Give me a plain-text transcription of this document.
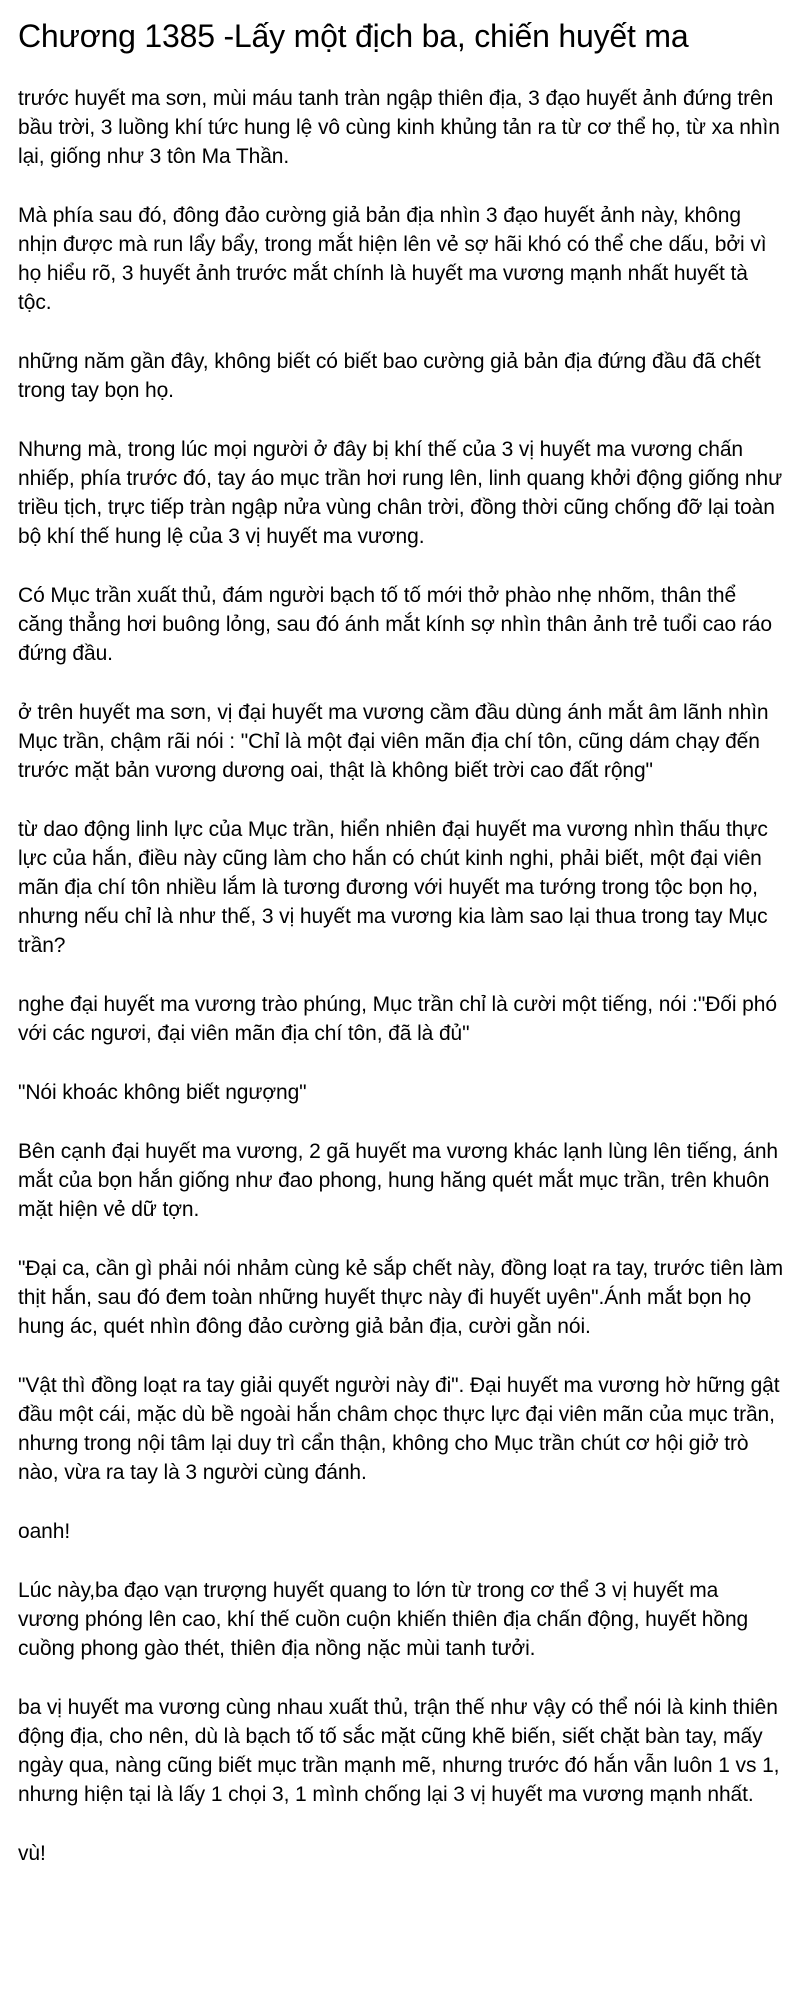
Chương 1385 -Lấy một địch ba, chiến huyết ma

trước huyết ma sơn, mùi máu tanh tràn ngập thiên địa, 3 đạo huyết ảnh đứng trên bầu trời, 3 luồng khí tức hung lệ vô cùng kinh khủng tản ra từ cơ thể họ, từ xa nhìn lại, giống như 3 tôn Ma Thần.

Mà phía sau đó, đông đảo cường giả bản địa nhìn 3 đạo huyết ảnh này, không nhịn được mà run lẩy bẩy, trong mắt hiện lên vẻ sợ hãi khó có thể che dấu, bởi vì họ hiểu rõ, 3 huyết ảnh trước mắt chính là huyết ma vương mạnh nhất huyết tà tộc.

những năm gần đây, không biết có biết bao cường giả bản địa đứng đầu đã chết trong tay bọn họ.

Nhưng mà, trong lúc mọi người ở đây bị khí thế của 3 vị huyết ma vương chấn nhiếp, phía trước đó, tay áo mục trần hơi rung lên, linh quang khởi động giống như triều tịch, trực tiếp tràn ngập nửa vùng chân trời, đồng thời cũng chống đỡ lại toàn bộ khí thế hung lệ của 3 vị huyết ma vương.

Có Mục trần xuất thủ, đám người bạch tố tố mới thở phào nhẹ nhõm, thân thể căng thẳng hơi buông lỏng, sau đó ánh mắt kính sợ nhìn thân ảnh trẻ tuổi cao ráo đứng đầu.

ở trên huyết ma sơn, vị đại huyết ma vương cầm đầu dùng ánh mắt âm lãnh nhìn Mục trần, chậm rãi nói : "Chỉ là một đại viên mãn địa chí tôn, cũng dám chạy đến trước mặt bản vương dương oai, thật là không biết trời cao đất rộng"

từ dao động linh lực của Mục trần, hiển nhiên đại huyết ma vương nhìn thấu thực lực của hắn, điều này cũng làm cho hắn có chút kinh nghi, phải biết, một đại viên mãn địa chí tôn nhiều lắm là tương đương với huyết ma tướng trong tộc bọn họ, nhưng nếu chỉ là như thế, 3 vị huyết ma vương kia làm sao lại thua trong tay Mục trần?

nghe đại huyết ma vương trào phúng, Mục trần chỉ là cười một tiếng, nói :"Đối phó với các ngươi, đại viên mãn địa chí tôn, đã là đủ"

"Nói khoác không biết ngượng"

Bên cạnh đại huyết ma vương, 2 gã huyết ma vương khác lạnh lùng lên tiếng, ánh mắt của bọn hắn giống như đao phong, hung hăng quét mắt mục trần, trên khuôn mặt hiện vẻ dữ tợn.

"Đại ca, cần gì phải nói nhảm cùng kẻ sắp chết này, đồng loạt ra tay, trước tiên làm thịt hắn, sau đó đem toàn những huyết thực này đi huyết uyên".Ánh mắt bọn họ hung ác, quét nhìn đông đảo cường giả bản địa, cười gằn nói.

"Vật thì đồng loạt ra tay giải quyết người này đi". Đại huyết ma vương hờ hững gật đầu một cái, mặc dù bề ngoài hắn châm chọc thực lực đại viên mãn của mục trần, nhưng trong nội tâm lại duy trì cẩn thận, không cho Mục trần chút cơ hội giở trò nào, vừa ra tay là 3 người cùng đánh.

oanh!

Lúc này,ba đạo vạn trượng huyết quang to lớn từ trong cơ thể 3 vị huyết ma vương phóng lên cao, khí thế cuồn cuộn khiến thiên địa chấn động, huyết hồng cuồng phong gào thét, thiên địa nồng nặc mùi tanh tưởi.

ba vị huyết ma vương cùng nhau xuất thủ, trận thế như vậy có thể nói là kinh thiên động địa, cho nên, dù là bạch tố tố sắc mặt cũng khẽ biến, siết chặt bàn tay, mấy ngày qua, nàng cũng biết mục trần mạnh mẽ, nhưng trước đó hắn vẫn luôn 1 vs 1, nhưng hiện tại là lấy 1 chọi 3, 1 mình chống lại 3 vị huyết ma vương mạnh nhất.

vù!
